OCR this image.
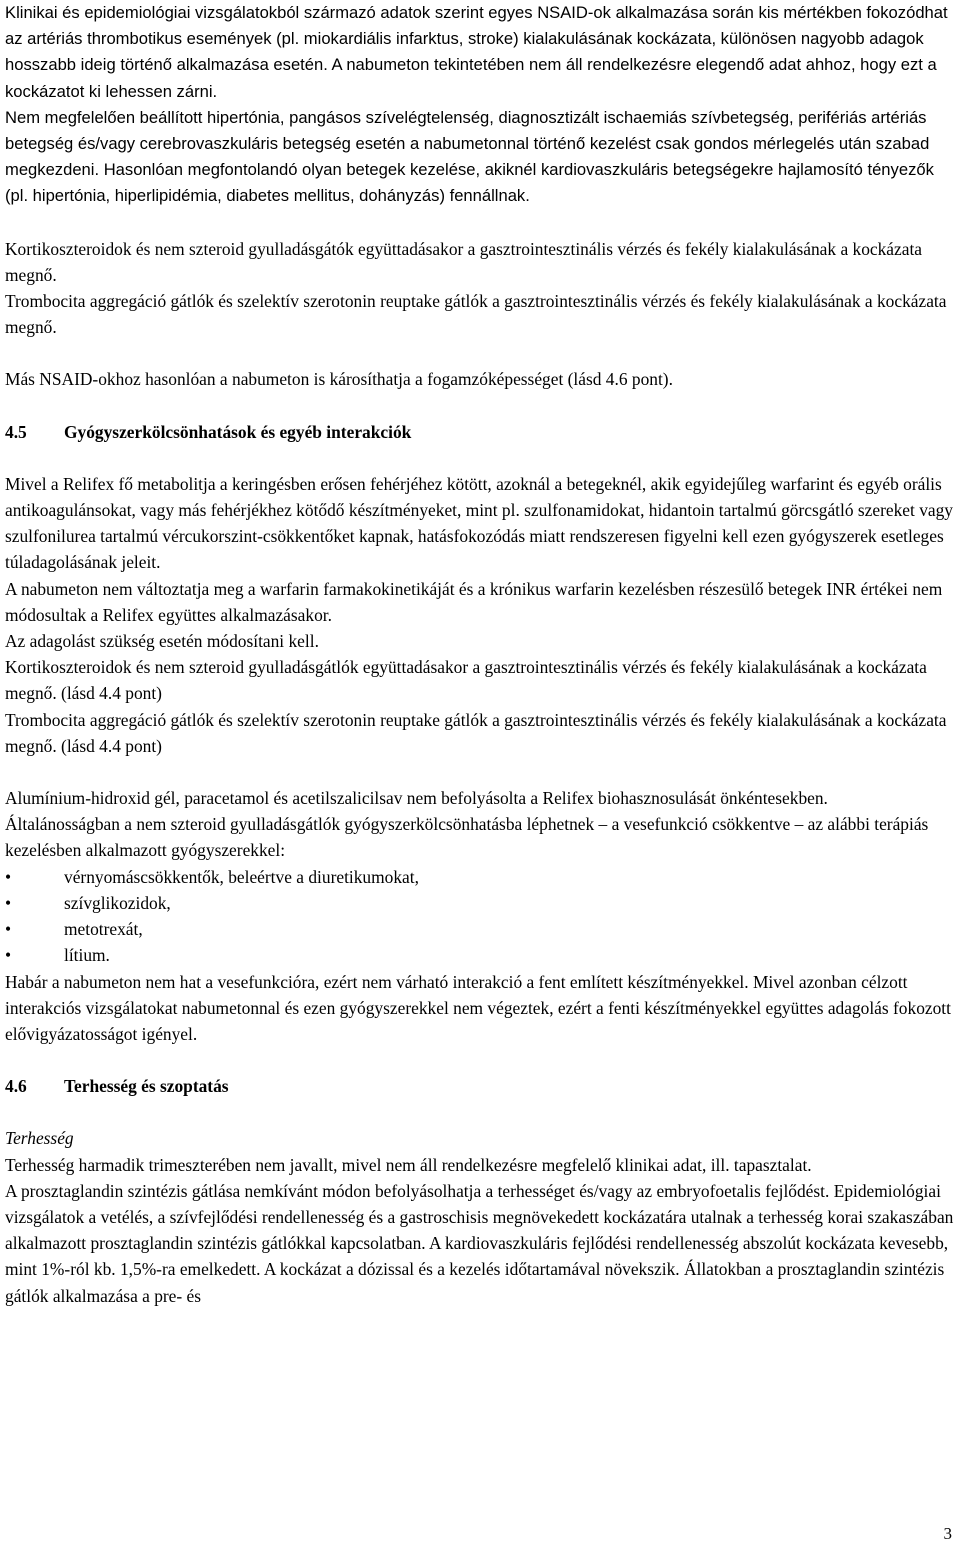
Klinikai és epidemiológiai vizsgálatokból származó adatok szerint egyes NSAID-ok alkalmazása során kis mértékben fokozódhat az artériás thrombotikus események (pl. miokardiális infarktus, stroke) kialakulásának kockázata, különösen nagyobb adagok hosszabb ideig történő alkalmazása esetén. A nabumeton tekintetében nem áll rendelkezésre elegendő adat ahhoz, hogy ezt a kockázatot ki lehessen zárni.

Nem megfelelően beállított hipertónia, pangásos szívelégtelenség, diagnosztizált ischaemiás szívbetegség, perifériás artériás betegség és/vagy cerebrovaszkuláris betegség esetén a nabumetonnal történő kezelést csak gondos mérlegelés után szabad megkezdeni. Hasonlóan megfontolandó olyan betegek kezelése, akiknél kardiovaszkuláris betegségekre hajlamosító tényezők (pl. hipertónia, hiperlipidémia, diabetes mellitus, dohányzás) fennállnak.

Kortikoszteroidok és nem szteroid gyulladásgátók együttadásakor a gasztrointesztinális vérzés és fekély kialakulásának a kockázata megnő.

Trombocita aggregáció gátlók és szelektív szerotonin reuptake gátlók a gasztrointesztinális vérzés és fekély kialakulásának a kockázata megnő.

Más NSAID-okhoz hasonlóan a nabumeton is károsíthatja a fogamzóképességet (lásd 4.6 pont).

4.5	Gyógyszerkölcsönhatások és egyéb interakciók

Mivel a Relifex fő metabolitja a keringésben erősen fehérjéhez kötött, azoknál a betegeknél, akik egyidejűleg warfarint és egyéb orális antikoagulánsokat, vagy más fehérjékhez kötődő készítményeket, mint pl. szulfonamidokat, hidantoin tartalmú görcsgátló szereket vagy szulfonilurea tartalmú vércukorszint-csökkentőket kapnak, hatásfokozódás miatt rendszeresen figyelni kell ezen gyógyszerek esetleges túladagolásának jeleit.

A nabumeton nem változtatja meg a warfarin farmakokinetikáját és a krónikus warfarin kezelésben részesülő betegek INR értékei nem módosultak a Relifex együttes alkalmazásakor.

Az adagolást szükség esetén módosítani kell.

Kortikoszteroidok és nem szteroid gyulladásgátlók együttadásakor a gasztrointesztinális vérzés és fekély kialakulásának a kockázata megnő. (lásd 4.4 pont)

Trombocita aggregáció gátlók és szelektív szerotonin reuptake gátlók a gasztrointesztinális vérzés és fekély kialakulásának a kockázata megnő. (lásd 4.4 pont)

Alumínium-hidroxid gél, paracetamol és acetilszalicilsav nem befolyásolta a Relifex biohasznosulását önkéntesekben.

Általánosságban a nem szteroid gyulladásgátlók gyógyszerkölcsönhatásba léphetnek – a vesefunkció csökkentve – az alábbi terápiás kezelésben alkalmazott gyógyszerekkel:

•	vérnyomáscsökkentők, beleértve a diuretikumokat,
•	szívglikozidok,
•	metotrexát,
•	lítium.

Habár a nabumeton nem hat a vesefunkcióra, ezért nem várható interakció a fent említett készítményekkel. Mivel azonban célzott interakciós vizsgálatokat nabumetonnal és ezen gyógyszerekkel nem végeztek, ezért a fenti készítményekkel együttes adagolás fokozott elővigyázatosságot igényel.

4.6	Terhesség és szoptatás

Terhesség

Terhesség harmadik trimeszterében nem javallt, mivel nem áll rendelkezésre megfelelő klinikai adat, ill. tapasztalat.

A prosztaglandin szintézis gátlása nemkívánt módon befolyásolhatja a terhességet és/vagy az embryofoetalis fejlődést. Epidemiológiai vizsgálatok a vetélés, a szívfejlődési rendellenesség és a gastroschisis megnövekedett kockázatára utalnak a terhesség korai szakaszában alkalmazott prosztaglandin szintézis gátlókkal kapcsolatban. A kardiovaszkuláris fejlődési rendellenesség abszolút kockázata kevesebb, mint 1%-ról kb. 1,5%-ra emelkedett. A kockázat a dózissal és a kezelés időtartamával növekszik. Állatokban a prosztaglandin szintézis gátlók alkalmazása a pre- és

3
